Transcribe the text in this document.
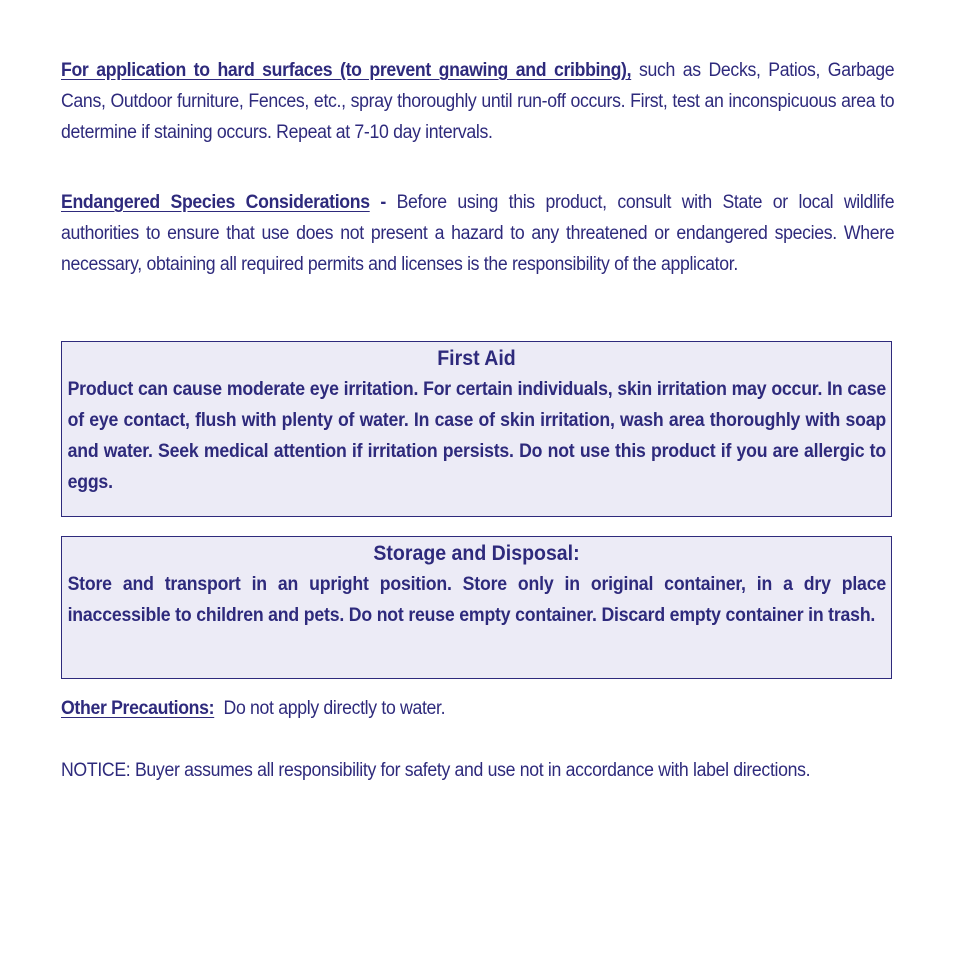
For application to hard surfaces (to prevent gnawing and cribbing), such as Decks, Patios, Garbage Cans, Outdoor furniture, Fences, etc., spray thoroughly until run-off occurs. First, test an inconspicuous area to determine if staining occurs. Repeat at 7-10 day intervals.

Endangered Species Considerations - Before using this product, consult with State or local wildlife authorities to ensure that use does not present a hazard to any threatened or endangered species. Where necessary, obtaining all required permits and licenses is the responsibility of the applicator.

First Aid
Product can cause moderate eye irritation. For certain individuals, skin irritation may occur. In case of eye contact, flush with plenty of water. In case of skin irritation, wash area thoroughly with soap and water. Seek medical attention if irritation persists. Do not use this product if you are allergic to eggs.
Storage and Disposal:
Store and transport in an upright position. Store only in original container, in a dry place inaccessible to children and pets. Do not reuse empty container. Discard empty container in trash.

Other Precautions: Do not apply directly to water.

NOTICE: Buyer assumes all responsibility for safety and use not in accordance with label directions.
